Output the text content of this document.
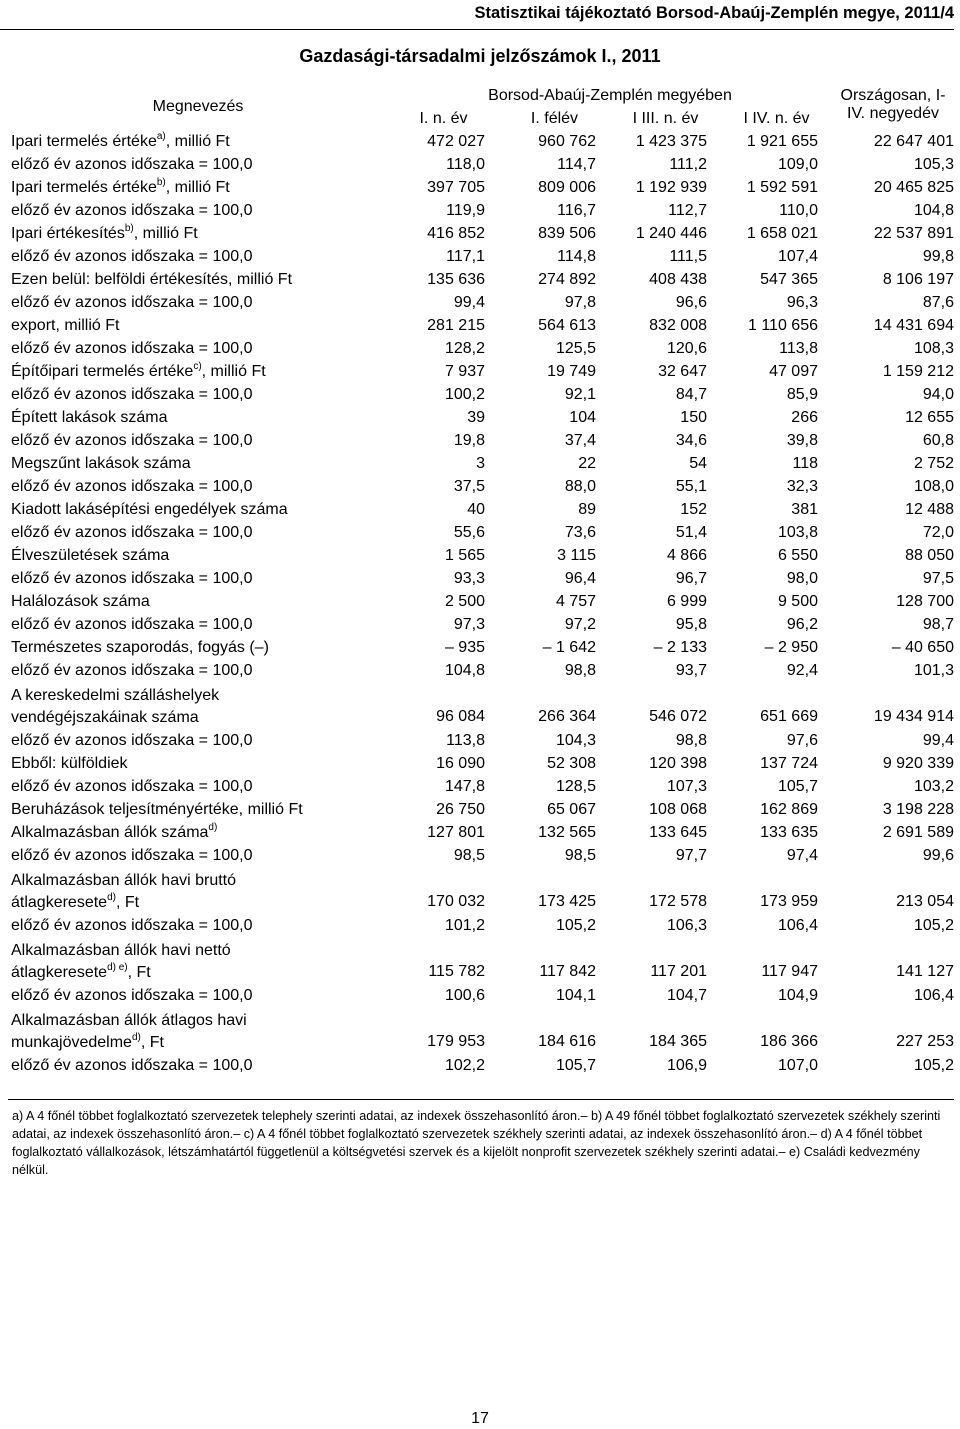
Statisztikai tájékoztató Borsod-Abaúj-Zemplén megye, 2011/4
Gazdasági-társadalmi jelzőszámok I., 2011
Megnevezés	Borsod-Abaúj-Zemplén megyében				Országosan, I-IV. negyedév
	I. n. év	I. félév	I III. n. év	I IV. n. év	
Ipari termelés értéke$^{a)}$, millió Ft	472 027	960 762	1 423 375	1 921 655	22 647 401
előző év azonos időszaka = 100,0	118,0	114,7	111,2	109,0	105,3
Ipari termelés értéke$^{b)}$, millió Ft	397 705	809 006	1 192 939	1 592 591	20 465 825
előző év azonos időszaka = 100,0	119,9	116,7	112,7	110,0	104,8
Ipari értékesítés$^{b)}$, millió Ft	416 852	839 506	1 240 446	1 658 021	22 537 891
előző év azonos időszaka = 100,0	117,1	114,8	111,5	107,4	99,8
Ezen belül: belföldi értékesítés, millió Ft	135 636	274 892	408 438	547 365	8 106 197
előző év azonos időszaka = 100,0	99,4	97,8	96,6	96,3	87,6
export, millió Ft	281 215	564 613	832 008	1 110 656	14 431 694
előző év azonos időszaka = 100,0	128,2	125,5	120,6	113,8	108,3
Építőipari termelés értéke$^{c)}$, millió Ft	7 937	19 749	32 647	47 097	1 159 212
előző év azonos időszaka = 100,0	100,2	92,1	84,7	85,9	94,0
Épített lakások száma	39	104	150	266	12 655
előző év azonos időszaka = 100,0	19,8	37,4	34,6	39,8	60,8
Megszűnt lakások száma	3	22	54	118	2 752
előző év azonos időszaka = 100,0	37,5	88,0	55,1	32,3	108,0
Kiadott lakásépítési engedélyek száma	40	89	152	381	12 488
előző év azonos időszaka = 100,0	55,6	73,6	51,4	103,8	72,0
Élveszületések száma	1 565	3 115	4 866	6 550	88 050
előző év azonos időszaka = 100,0	93,3	96,4	96,7	98,0	97,5
Halálozások száma	2 500	4 757	6 999	9 500	128 700
előző év azonos időszaka = 100,0	97,3	97,2	95,8	96,2	98,7
Természetes szaporodás, fogyás (–)	– 935	– 1 642	– 2 133	– 2 950	– 40 650
előző év azonos időszaka = 100,0	104,8	98,8	93,7	92,4	101,3
A kereskedelmi szálláshelyek
vendégéjszakáinak száma	96 084	266 364	546 072	651 669	19 434 914
előző év azonos időszaka = 100,0	113,8	104,3	98,8	97,6	99,4
Ebből: külföldiek	16 090	52 308	120 398	137 724	9 920 339
előző év azonos időszaka = 100,0	147,8	128,5	107,3	105,7	103,2
Beruházások teljesítményértéke, millió Ft	26 750	65 067	108 068	162 869	3 198 228
Alkalmazásban állók száma$^{d)}$	127 801	132 565	133 645	133 635	2 691 589
előző év azonos időszaka = 100,0	98,5	98,5	97,7	97,4	99,6
Alkalmazásban állók havi bruttó
átlagkeresete$^{d)}$, Ft	170 032	173 425	172 578	173 959	213 054
előző év azonos időszaka = 100,0	101,2	105,2	106,3	106,4	105,2
Alkalmazásban állók havi nettó
átlagkeresete$^{d) e)}$, Ft	115 782	117 842	117 201	117 947	141 127
előző év azonos időszaka = 100,0	100,6	104,1	104,7	104,9	106,4
Alkalmazásban állók átlagos havi
munkajövedelme$^{d)}$, Ft	179 953	184 616	184 365	186 366	227 253
előző év azonos időszaka = 100,0	102,2	105,7	106,9	107,0	105,2
a) A 4 főnél többet foglalkoztató szervezetek telephely szerinti adatai, az indexek összehasonlító áron.– b) A 49 főnél többet foglalkoztató szervezetek székhely szerinti adatai, az indexek összehasonlító áron.– c) A 4 főnél többet foglalkoztató szervezetek székhely szerinti adatai, az indexek összehasonlító áron.– d) A 4 főnél többet foglalkoztató vállalkozások, létszámhatártól függetlenül a költségvetési szervek és a kijelölt nonprofit szervezetek székhely szerinti adatai.– e) Családi kedvezmény nélkül.
17
